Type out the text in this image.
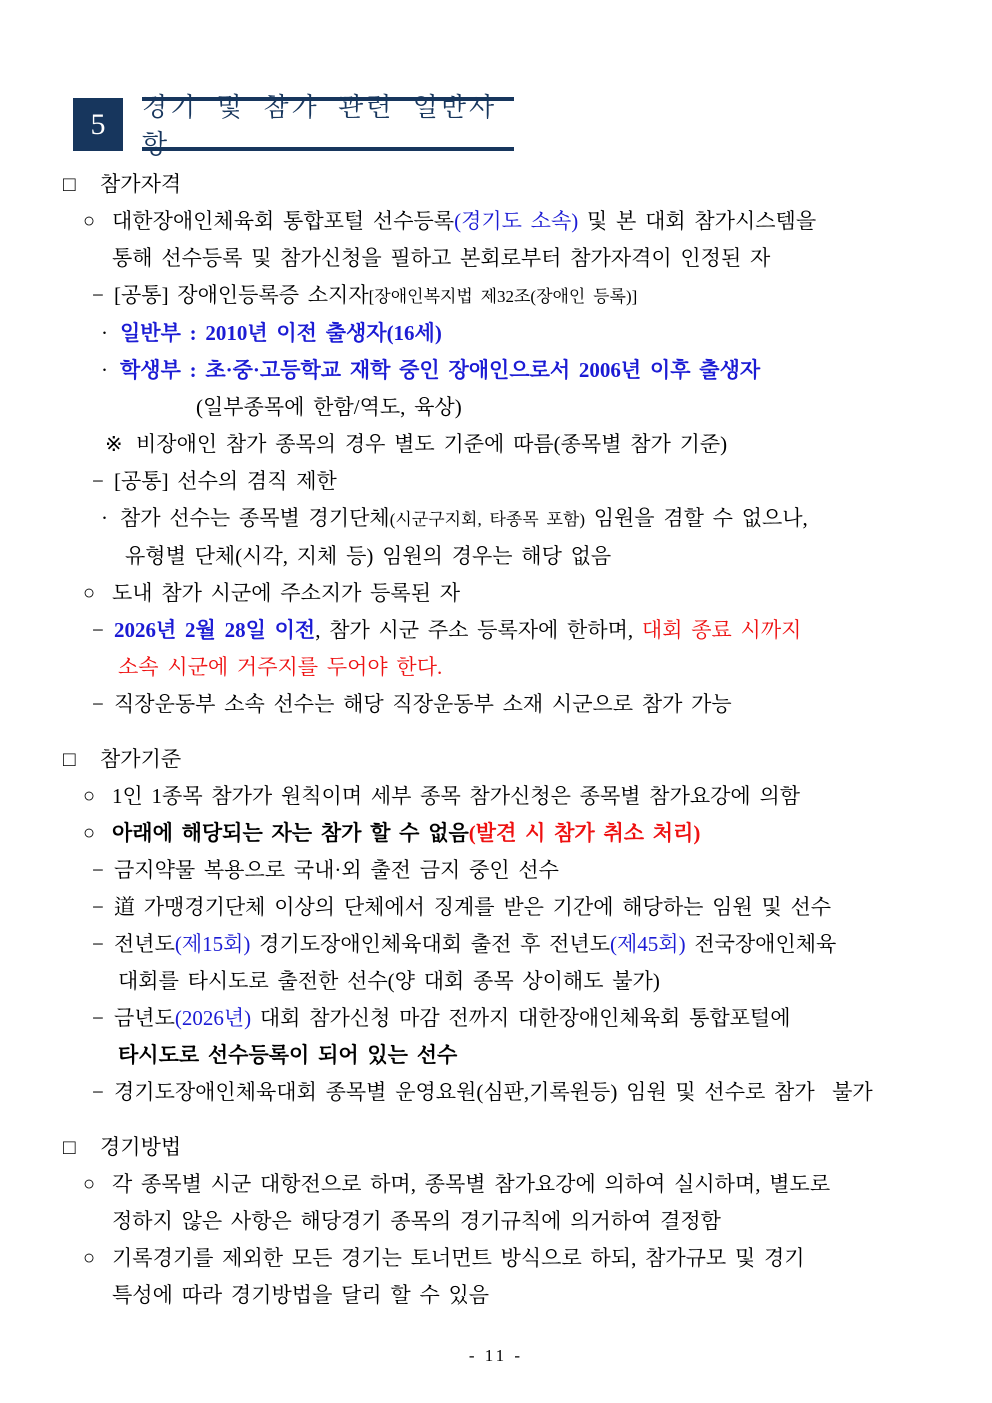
5	경기 및 참가 관련 일반사항
□ 참가자격
○ 대한장애인체육회 통합포털 선수등록(경기도 소속) 및 본 대회 참가시스템을
통해 선수등록 및 참가신청을 필하고 본회로부터 참가자격이 인정된 자
− [공통] 장애인등록증 소지자[장애인복지법 제32조(장애인 등록)]
· 일반부 : 2010년 이전 출생자(16세)
· 학생부 : 초·중·고등학교 재학 중인 장애인으로서 2006년 이후 출생자
(일부종목에 한함/역도, 육상)
※ 비장애인 참가 종목의 경우 별도 기준에 따름(종목별 참가 기준)
− [공통] 선수의 겸직 제한
· 참가 선수는 종목별 경기단체(시군구지회, 타종목 포함) 임원을 겸할 수 없으나,
유형별 단체(시각, 지체 등) 임원의 경우는 해당 없음
○ 도내 참가 시군에 주소지가 등록된 자
− 2026년 2월 28일 이전, 참가 시군 주소 등록자에 한하며, 대회 종료 시까지
소속 시군에 거주지를 두어야 한다.
− 직장운동부 소속 선수는 해당 직장운동부 소재 시군으로 참가 가능
□ 참가기준
○ 1인 1종목 참가가 원칙이며 세부 종목 참가신청은 종목별 참가요강에 의함
○ 아래에 해당되는 자는 참가 할 수 없음(발견 시 참가 취소 처리)
− 금지약물 복용으로 국내·외 출전 금지 중인 선수
− 道 가맹경기단체 이상의 단체에서 징계를 받은 기간에 해당하는 임원 및 선수
− 전년도(제15회) 경기도장애인체육대회 출전 후 전년도(제45회) 전국장애인체육
대회를 타시도로 출전한 선수(양 대회 종목 상이해도 불가)
− 금년도(2026년) 대회 참가신청 마감 전까지 대한장애인체육회 통합포털에
타시도로 선수등록이 되어 있는 선수
− 경기도장애인체육대회 종목별 운영요원(심판,기록원등) 임원 및 선수로 참가  불가
□ 경기방법
○ 각 종목별 시군 대항전으로 하며, 종목별 참가요강에 의하여 실시하며, 별도로
정하지 않은 사항은 해당경기 종목의 경기규칙에 의거하여 결정함
○ 기록경기를 제외한 모든 경기는 토너먼트 방식으로 하되, 참가규모 및 경기
특성에 따라 경기방법을 달리 할 수 있음
- 11 -
